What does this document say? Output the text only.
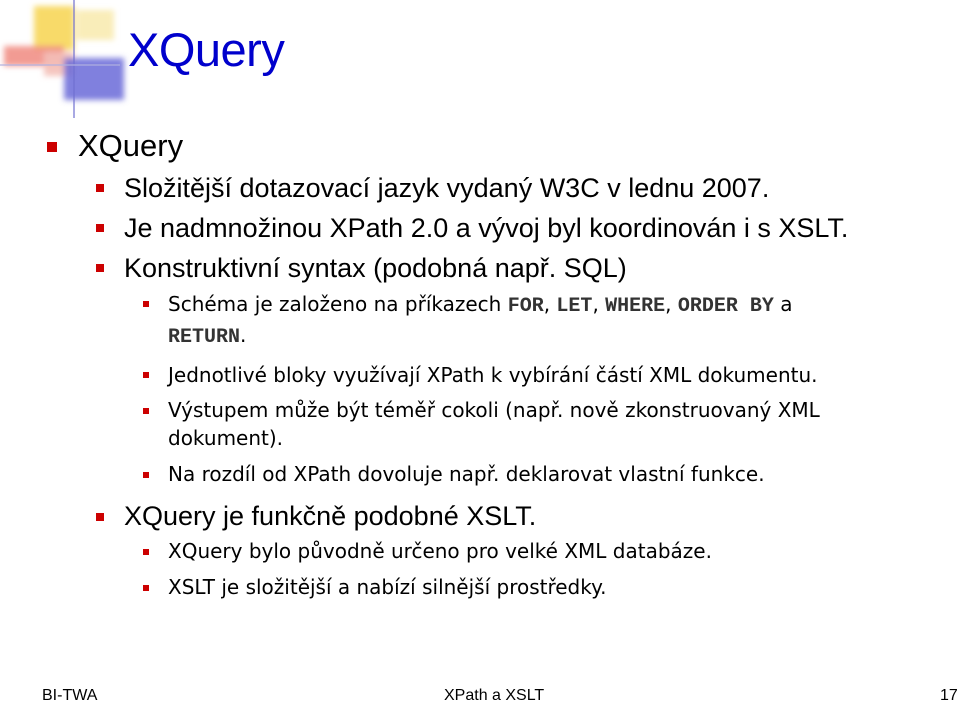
XQuery
XQuery
Složitější dotazovací jazyk vydaný W3C v lednu 2007.
Je nadmnožinou XPath 2.0 a vývoj byl koordinován i s XSLT.
Konstruktivní syntax (podobná např. SQL)
Schéma je založeno na příkazech FOR, LET, WHERE, ORDER BY a
RETURN.
Jednotlivé bloky využívají XPath k vybírání částí XML dokumentu.
Výstupem může být téměř cokoli (např. nově zkonstruovaný XML
dokument).
Na rozdíl od XPath dovoluje např. deklarovat vlastní funkce.
XQuery je funkčně podobné XSLT.
XQuery bylo původně určeno pro velké XML databáze.
XSLT je složitější a nabízí silnější prostředky.
BI-TWA	XPath a XSLT	17
